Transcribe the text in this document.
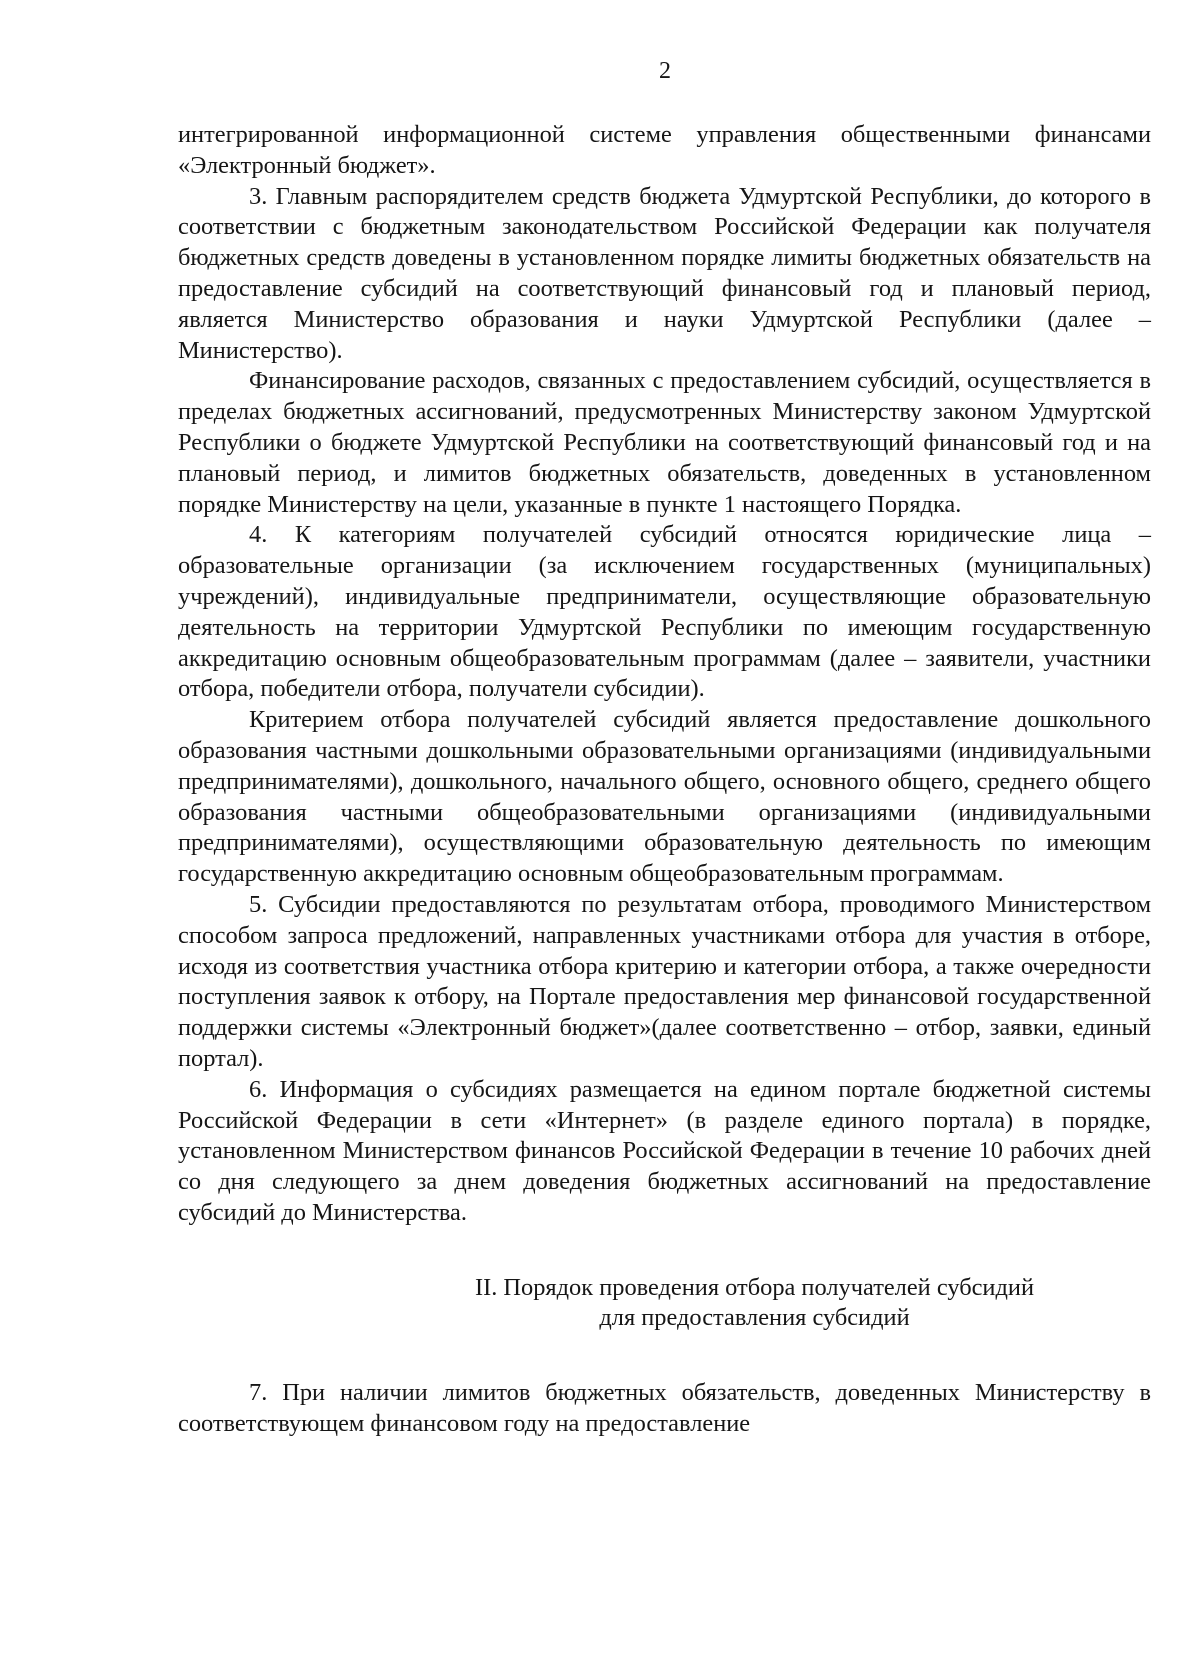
2

интегрированной информационной системе управления общественными финансами «Электронный бюджет».

3. Главным распорядителем средств бюджета Удмуртской Республики, до которого в соответствии с бюджетным законодательством Российской Федерации как получателя бюджетных средств доведены в установленном порядке лимиты бюджетных обязательств на предоставление субсидий на соответствующий финансовый год и плановый период, является Министерство образования и науки Удмуртской Республики (далее – Министерство).

Финансирование расходов, связанных с предоставлением субсидий, осуществляется в пределах бюджетных ассигнований, предусмотренных Министерству законом Удмуртской Республики о бюджете Удмуртской Республики на соответствующий финансовый год и на плановый период, и лимитов бюджетных обязательств, доведенных в установленном порядке Министерству на цели, указанные в пункте 1 настоящего Порядка.

4. К категориям получателей субсидий относятся юридические лица – образовательные организации (за исключением государственных (муниципальных) учреждений), индивидуальные предприниматели, осуществляющие образовательную деятельность на территории Удмуртской Республики по имеющим государственную аккредитацию основным общеобразовательным программам (далее – заявители, участники отбора, победители отбора, получатели субсидии).

Критерием отбора получателей субсидий является предоставление дошкольного образования частными дошкольными образовательными организациями (индивидуальными предпринимателями), дошкольного, начального общего, основного общего, среднего общего образования частными общеобразовательными организациями (индивидуальными предпринимателями), осуществляющими образовательную деятельность по имеющим государственную аккредитацию основным общеобразовательным программам.

5. Субсидии предоставляются по результатам отбора, проводимого Министерством способом запроса предложений, направленных участниками отбора для участия в отборе, исходя из соответствия участника отбора критерию и категории отбора, а также очередности поступления заявок к отбору, на Портале предоставления мер финансовой государственной поддержки системы «Электронный бюджет»(далее соответственно – отбор, заявки, единый портал).

6. Информация о субсидиях размещается на едином портале бюджетной системы Российской Федерации в сети «Интернет» (в разделе единого портала) в порядке, установленном Министерством финансов Российской Федерации в течение 10 рабочих дней со дня следующего за днем доведения бюджетных ассигнований на предоставление субсидий до Министерства.

II. Порядок проведения отбора получателей субсидий
для предоставления субсидий

7. При наличии лимитов бюджетных обязательств, доведенных Министерству в соответствующем финансовом году на предоставление
